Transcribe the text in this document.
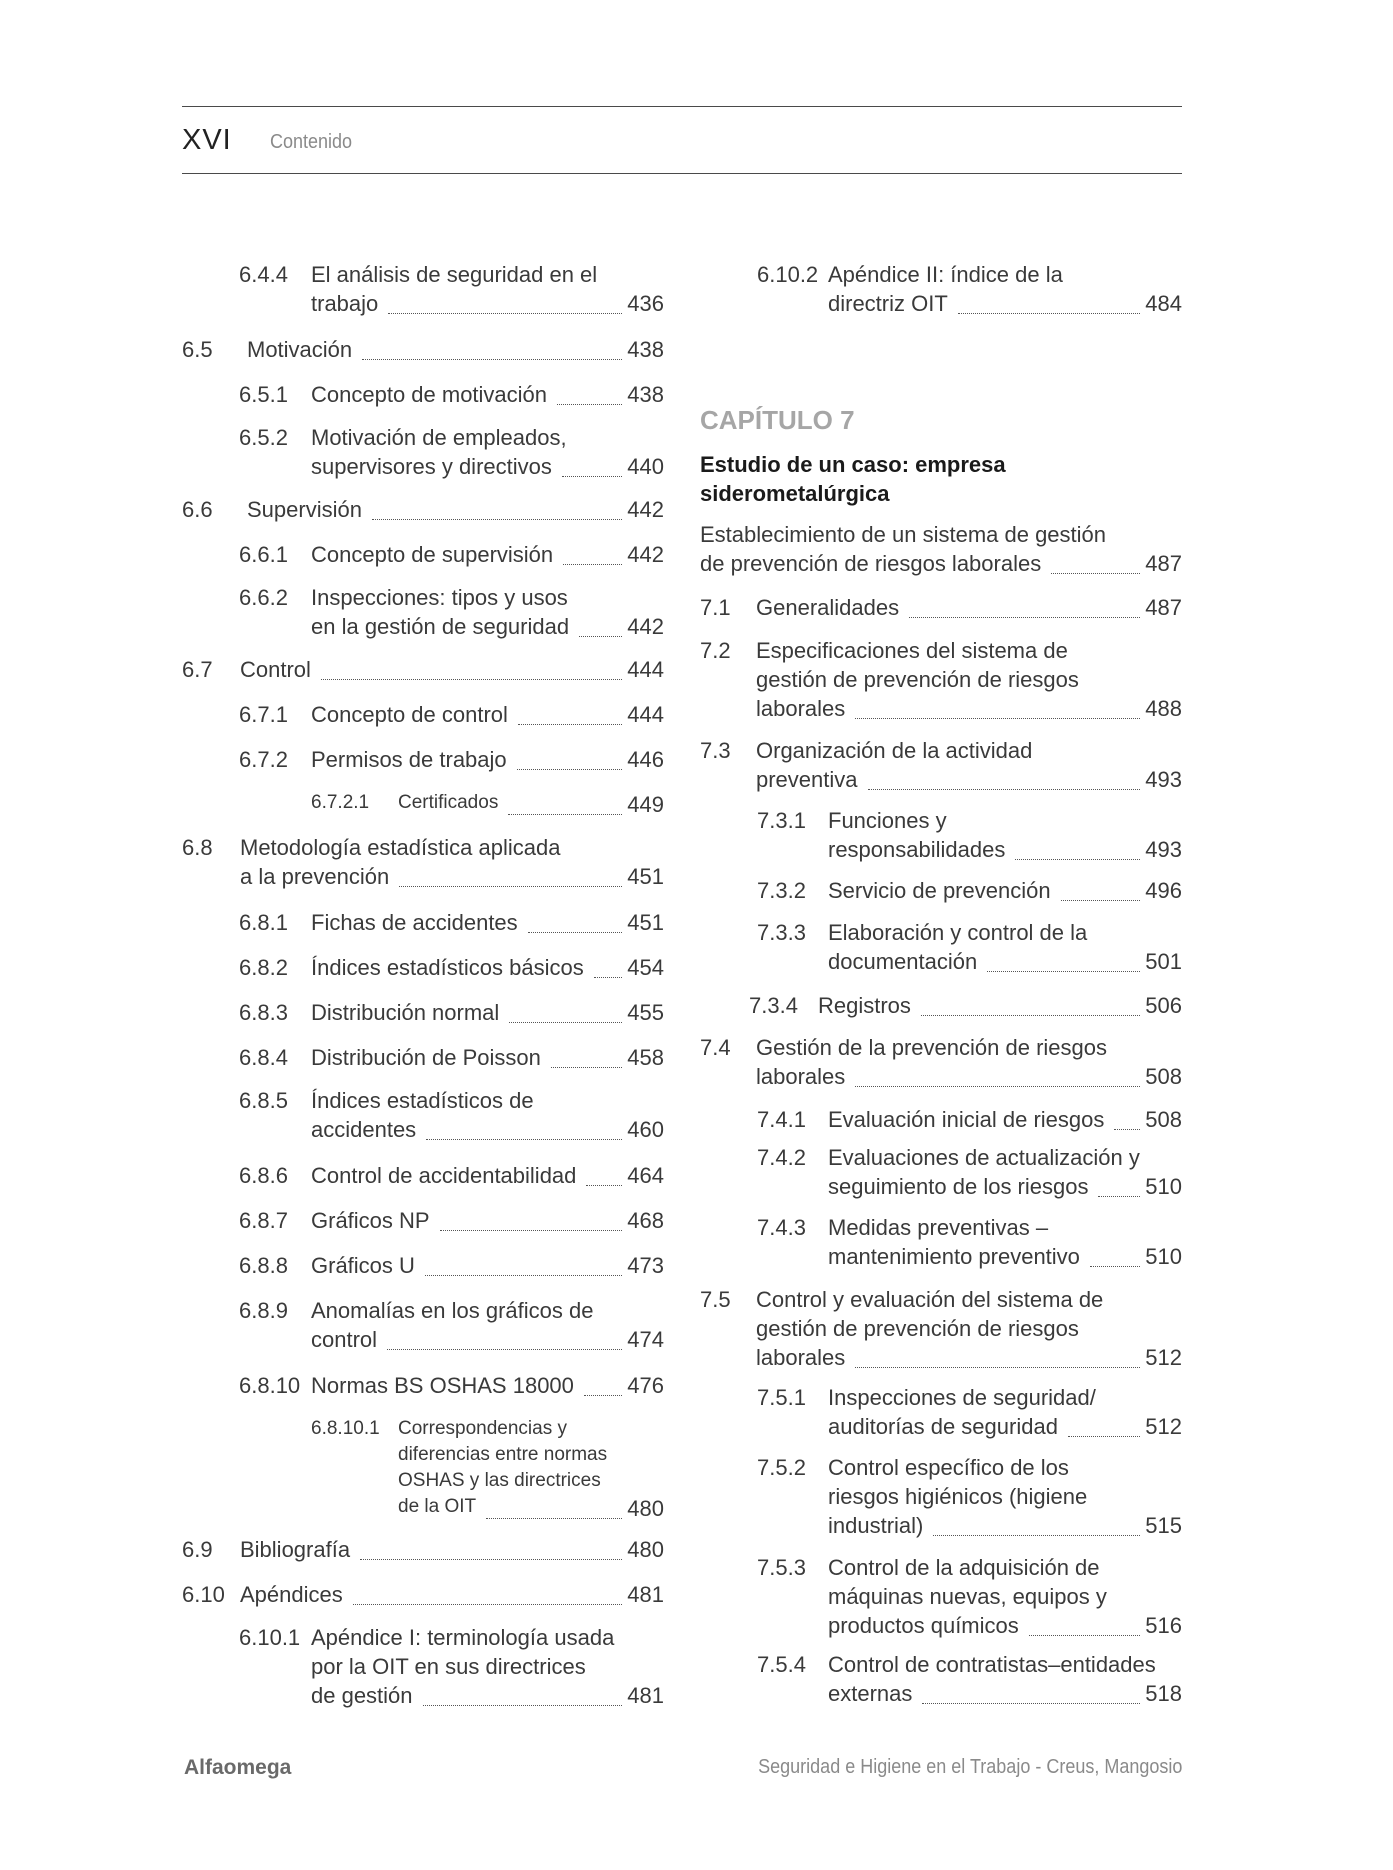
XVI Contenido
6.4.4 El análisis de seguridad en el
trabajo	436
6.5 Motivación	438
6.5.1 Concepto de motivación	438
6.5.2 Motivación de empleados,
supervisores y directivos	440
6.6 Supervisión	442
6.6.1 Concepto de supervisión	442
6.6.2 Inspecciones: tipos y usos
en la gestión de seguridad	442
6.7 Control	444
6.7.1 Concepto de control	444
6.7.2 Permisos de trabajo	446
6.7.2.1 Certificados	449
6.8 Metodología estadística aplicada
a la prevención	451
6.8.1 Fichas de accidentes	451
6.8.2 Índices estadísticos básicos 454
6.8.3 Distribución normal	455
6.8.4 Distribución de Poisson	458
6.8.5 Índices estadísticos de
accidentes	460
6.8.6 Control de accidentabilidad 464
6.8.7 Gráficos NP	468
6.8.8 Gráficos U	473
6.8.9 Anomalías en los gráficos de
control	474
6.8.10 Normas BS OSHAS 18000 476
6.8.10.1 Correspondencias y
diferencias entre normas
OSHAS y las directrices
de la OIT	480
6.9 Bibliografía	480
6.10 Apéndices	481
6.10.1 Apéndice I: terminología usada
por la OIT en sus directrices
de gestión	481
6.10.2 Apéndice II: índice de la
directriz OIT	484
Establecimiento de un sistema de gestión
de prevención de riesgos laborales	487
7.1 Generalidades	487
7.2 Especificaciones del sistema de
gestión de prevención de riesgos
laborales	488
7.3 Organización de la actividad
preventiva	493
7.3.1 Funciones y
responsabilidades	493
7.3.2 Servicio de prevención	496
7.3.3 Elaboración y control de la
documentación	501
7.3.4 Registros	506
7.4 Gestión de la prevención de riesgos
laborales	508
7.4.1 Evaluación inicial de riesgos 508
7.4.2 Evaluaciones de actualización y
seguimiento de los riesgos	510
7.4.3 Medidas preventivas –
mantenimiento preventivo	510
7.5 Control y evaluación del sistema de
gestión de prevención de riesgos
laborales	512
7.5.1 Inspecciones de seguridad/
auditorías de seguridad	512
7.5.2 Control específico de los
riesgos higiénicos (higiene
industrial)	515
7.5.3 Control de la adquisición de
máquinas nuevas, equipos y
productos químicos	516
7.5.4 Control de contratistas–entidades
externas	518
CAPÍTULO 7
Estudio de un caso: empresa
siderometalúrgica
Alfaomega	Seguridad e Higiene en el Trabajo - Creus, Mangosio
